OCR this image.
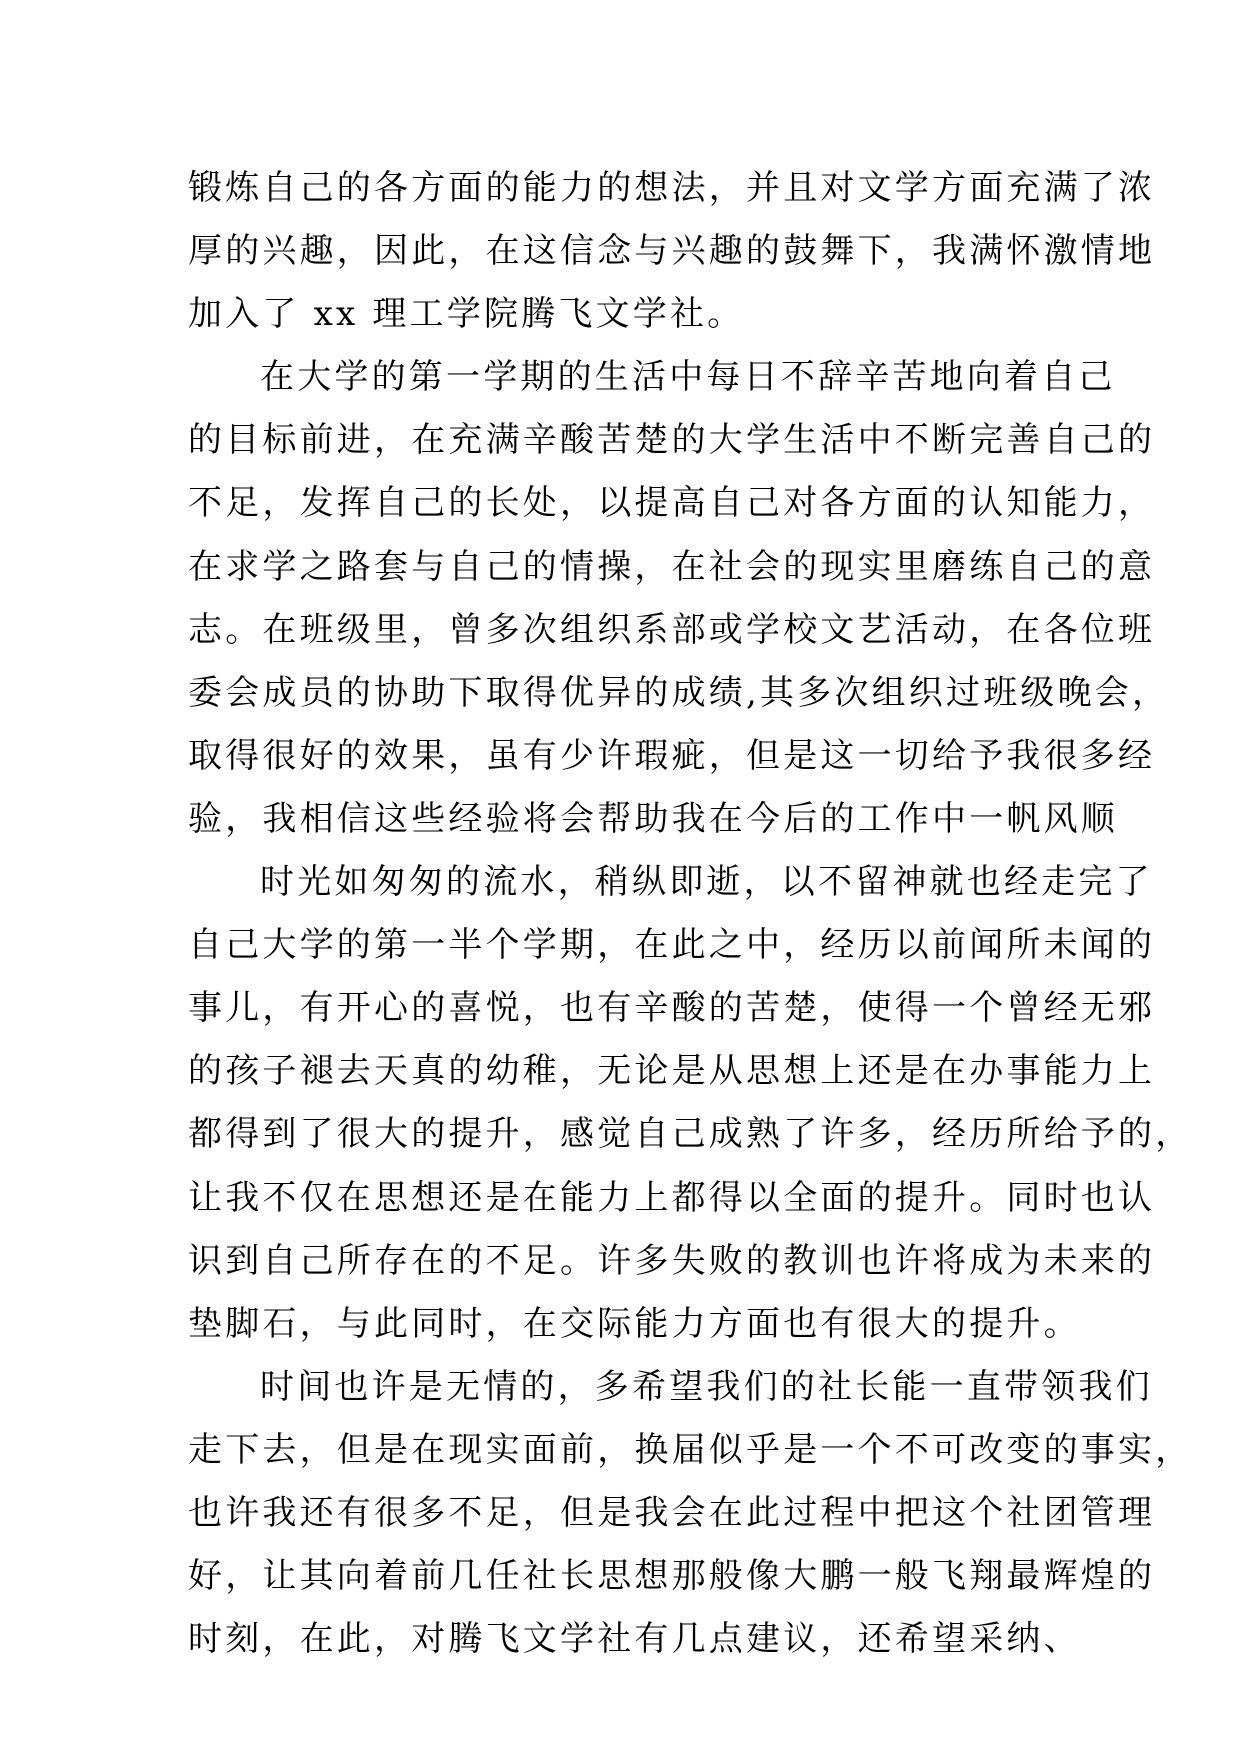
锻炼自己的各方面的能力的想法，并且对文学方面充满了浓
厚的兴趣，因此，在这信念与兴趣的鼓舞下，我满怀激情地
加入了 xx 理工学院腾飞文学社。
在大学的第一学期的生活中每日不辞辛苦地向着自己
的目标前进，在充满辛酸苦楚的大学生活中不断完善自己的
不足，发挥自己的长处，以提高自己对各方面的认知能力，
在求学之路套与自己的情操，在社会的现实里磨练自己的意
志。在班级里，曾多次组织系部或学校文艺活动，在各位班
委会成员的协助下取得优异的成绩,其多次组织过班级晚会，
取得很好的效果，虽有少许瑕疵，但是这一切给予我很多经
验，我相信这些经验将会帮助我在今后的工作中一帆风顺
时光如匆匆的流水，稍纵即逝，以不留神就也经走完了
自己大学的第一半个学期，在此之中，经历以前闻所未闻的
事儿，有开心的喜悦，也有辛酸的苦楚，使得一个曾经无邪
的孩子褪去天真的幼稚，无论是从思想上还是在办事能力上
都得到了很大的提升，感觉自己成熟了许多，经历所给予的，
让我不仅在思想还是在能力上都得以全面的提升。同时也认
识到自己所存在的不足。许多失败的教训也许将成为未来的
垫脚石，与此同时，在交际能力方面也有很大的提升。
时间也许是无情的，多希望我们的社长能一直带领我们
走下去，但是在现实面前，换届似乎是一个不可改变的事实，
也许我还有很多不足，但是我会在此过程中把这个社团管理
好，让其向着前几任社长思想那般像大鹏一般飞翔最辉煌的
时刻，在此，对腾飞文学社有几点建议，还希望采纳、
